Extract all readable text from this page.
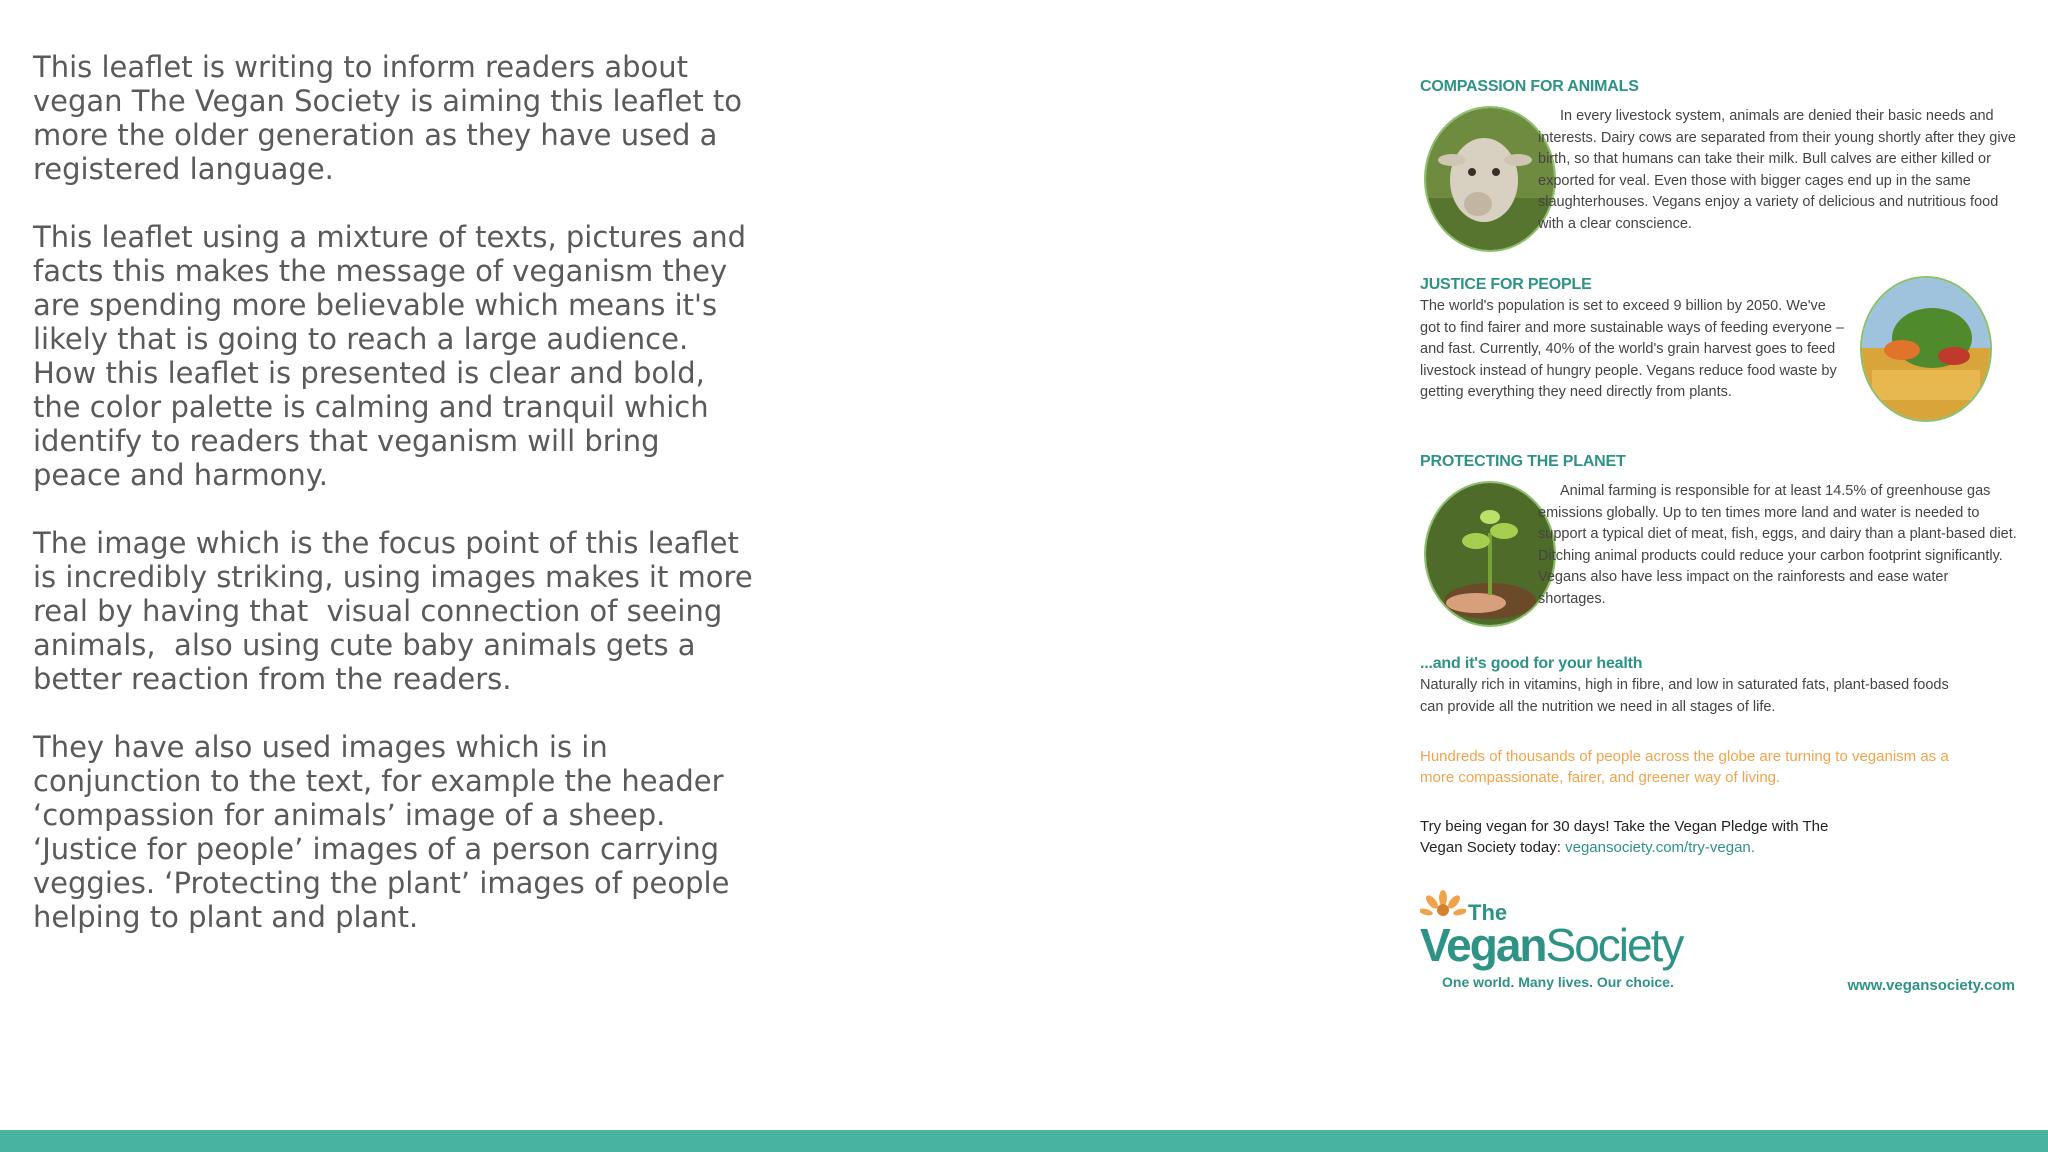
This leaflet is writing to inform readers about vegan The Vegan Society is aiming this leaflet to more the older generation as they have used a registered language.

This leaflet using a mixture of texts, pictures and facts this makes the message of veganism they are spending more believable which means it's likely that is going to reach a large audience.

How this leaflet is presented is clear and bold, the color palette is calming and tranquil which identify to readers that veganism will bring peace and harmony.

The image which is the focus point of this leaflet is incredibly striking, using images makes it more real by having that  visual connection of seeing animals,  also using cute baby animals gets a better reaction from the readers.

They have also used images which is in conjunction to the text, for example the header ‘compassion for animals’ image of a sheep. ‘Justice for people’ images of a person carrying veggies. ‘Protecting the plant’ images of people helping to plant and plant.

COMPASSION FOR ANIMALS
In every livestock system, animals are denied their basic needs and interests. Dairy cows are separated from their young shortly after they give birth, so that humans can take their milk. Bull calves are either killed or exported for veal. Even those with bigger cages end up in the same slaughterhouses. Vegans enjoy a variety of delicious and nutritious food with a clear conscience.
JUSTICE FOR PEOPLE
The world's population is set to exceed 9 billion by 2050. We've got to find fairer and more sustainable ways of feeding everyone – and fast. Currently, 40% of the world's grain harvest goes to feed livestock instead of hungry people. Vegans reduce food waste by getting everything they need directly from plants.
PROTECTING THE PLANET
Animal farming is responsible for at least 14.5% of greenhouse gas emissions globally. Up to ten times more land and water is needed to support a typical diet of meat, fish, eggs, and dairy than a plant-based diet. Ditching animal products could reduce your carbon footprint significantly. Vegans also have less impact on the rainforests and ease water shortages.
...and it's good for your health
Naturally rich in vitamins, high in fibre, and low in saturated fats, plant-based foods can provide all the nutrition we need in all stages of life.
Hundreds of thousands of people across the globe are turning to veganism as a more compassionate, fairer, and greener way of living.
Try being vegan for 30 days! Take the Vegan Pledge with The Vegan Society today: vegansociety.com/try-vegan.
The
VeganSociety
One world. Many lives. Our choice.	www.vegansociety.com
